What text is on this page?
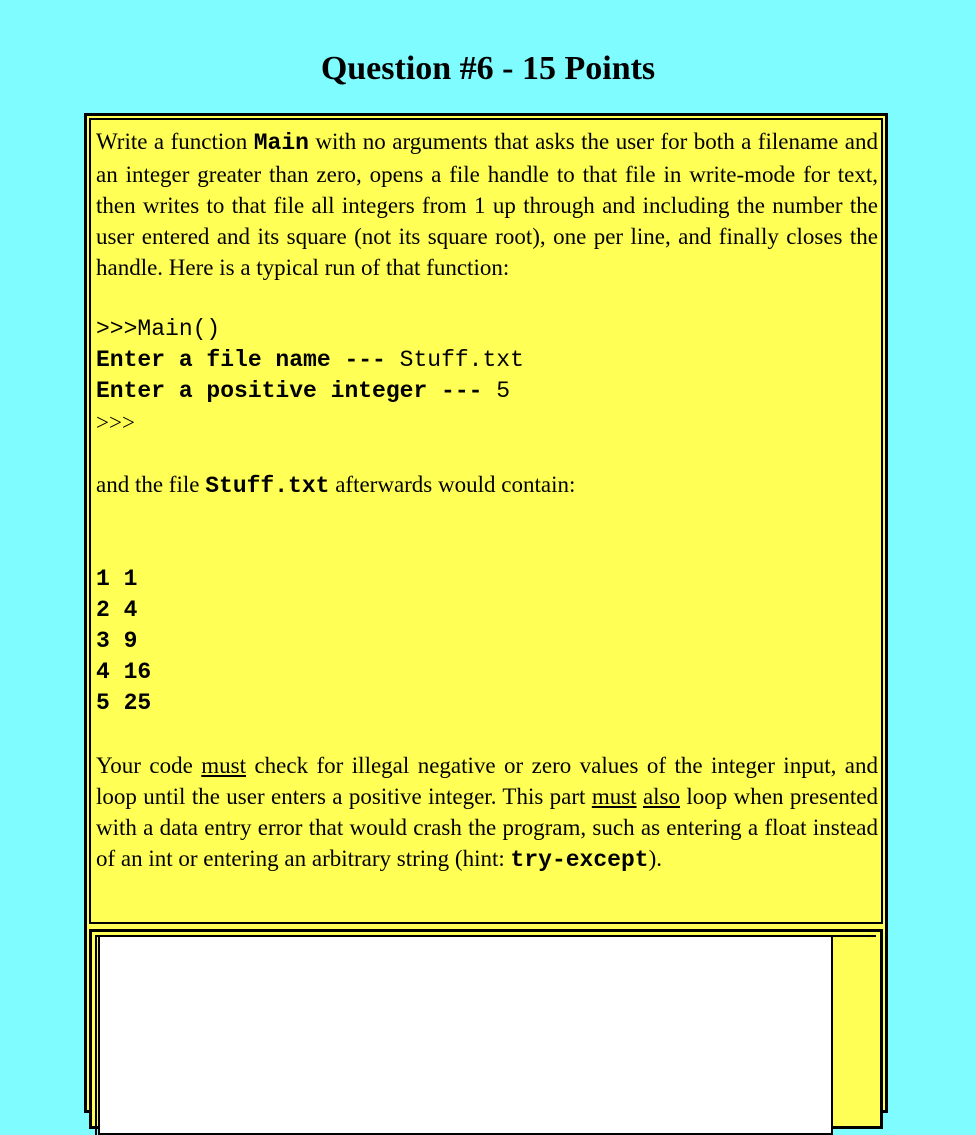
Question #6 - 15 Points

Write a function Main with no arguments that asks the user for both a filename and an integer greater than zero, opens a file handle to that file in write-mode for text, then writes to that file all integers from 1 up through and including the number the user entered and its square (not its square root), one per line, and finally closes the handle. Here is a typical run of that function:

>>>Main()
Enter a file name --- Stuff.txt
Enter a positive integer --- 5
>>>

and the file Stuff.txt afterwards would contain:

1 1
2 4
3 9
4 16
5 25

Your code must check for illegal negative or zero values of the integer input, and loop until the user enters a positive integer. This part must also loop when presented with a data entry error that would crash the program, such as entering a float instead of an int or entering an arbitrary string (hint: try-except).
